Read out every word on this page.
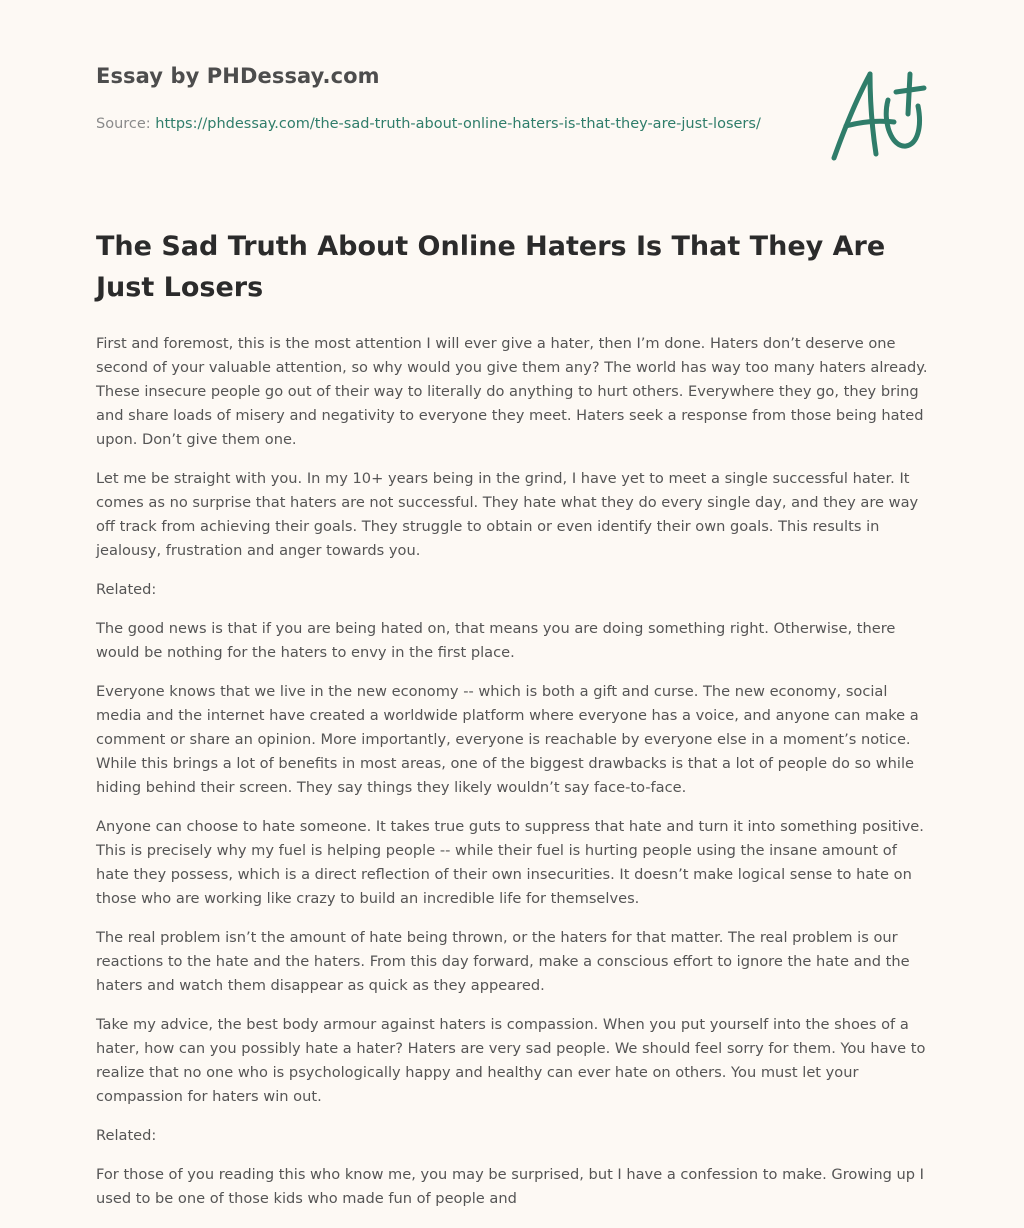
Essay by PHDessay.com
Source: https://phdessay.com/the-sad-truth-about-online-haters-is-that-they-are-just-losers/
The Sad Truth About Online Haters Is That They Are Just Losers

First and foremost, this is the most attention I will ever give a hater, then I’m done. Haters don’t deserve one second of your valuable attention, so why would you give them any? The world has way too many haters already. These insecure people go out of their way to literally do anything to hurt others. Everywhere they go, they bring and share loads of misery and negativity to everyone they meet. Haters seek a response from those being hated upon. Don’t give them one.

Let me be straight with you. In my 10+ years being in the grind, I have yet to meet a single successful hater. It comes as no surprise that haters are not successful. They hate what they do every single day, and they are way off track from achieving their goals. They struggle to obtain or even identify their own goals. This results in jealousy, frustration and anger towards you.

Related:

The good news is that if you are being hated on, that means you are doing something right. Otherwise, there would be nothing for the haters to envy in the first place.

Everyone knows that we live in the new economy -- which is both a gift and curse. The new economy, social media and the internet have created a worldwide platform where everyone has a voice, and anyone can make a comment or share an opinion. More importantly, everyone is reachable by everyone else in a moment’s notice. While this brings a lot of benefits in most areas, one of the biggest drawbacks is that a lot of people do so while hiding behind their screen. They say things they likely wouldn’t say face-to-face.

Anyone can choose to hate someone. It takes true guts to suppress that hate and turn it into something positive. This is precisely why my fuel is helping people -- while their fuel is hurting people using the insane amount of hate they possess, which is a direct reflection of their own insecurities. It doesn’t make logical sense to hate on those who are working like crazy to build an incredible life for themselves.

The real problem isn’t the amount of hate being thrown, or the haters for that matter. The real problem is our reactions to the hate and the haters. From this day forward, make a conscious effort to ignore the hate and the haters and watch them disappear as quick as they appeared.

Take my advice, the best body armour against haters is compassion. When you put yourself into the shoes of a hater, how can you possibly hate a hater? Haters are very sad people. We should feel sorry for them. You have to realize that no one who is psychologically happy and healthy can ever hate on others. You must let your compassion for haters win out.

Related:

For those of you reading this who know me, you may be surprised, but I have a confession to make. Growing up I used to be one of those kids who made fun of people and
